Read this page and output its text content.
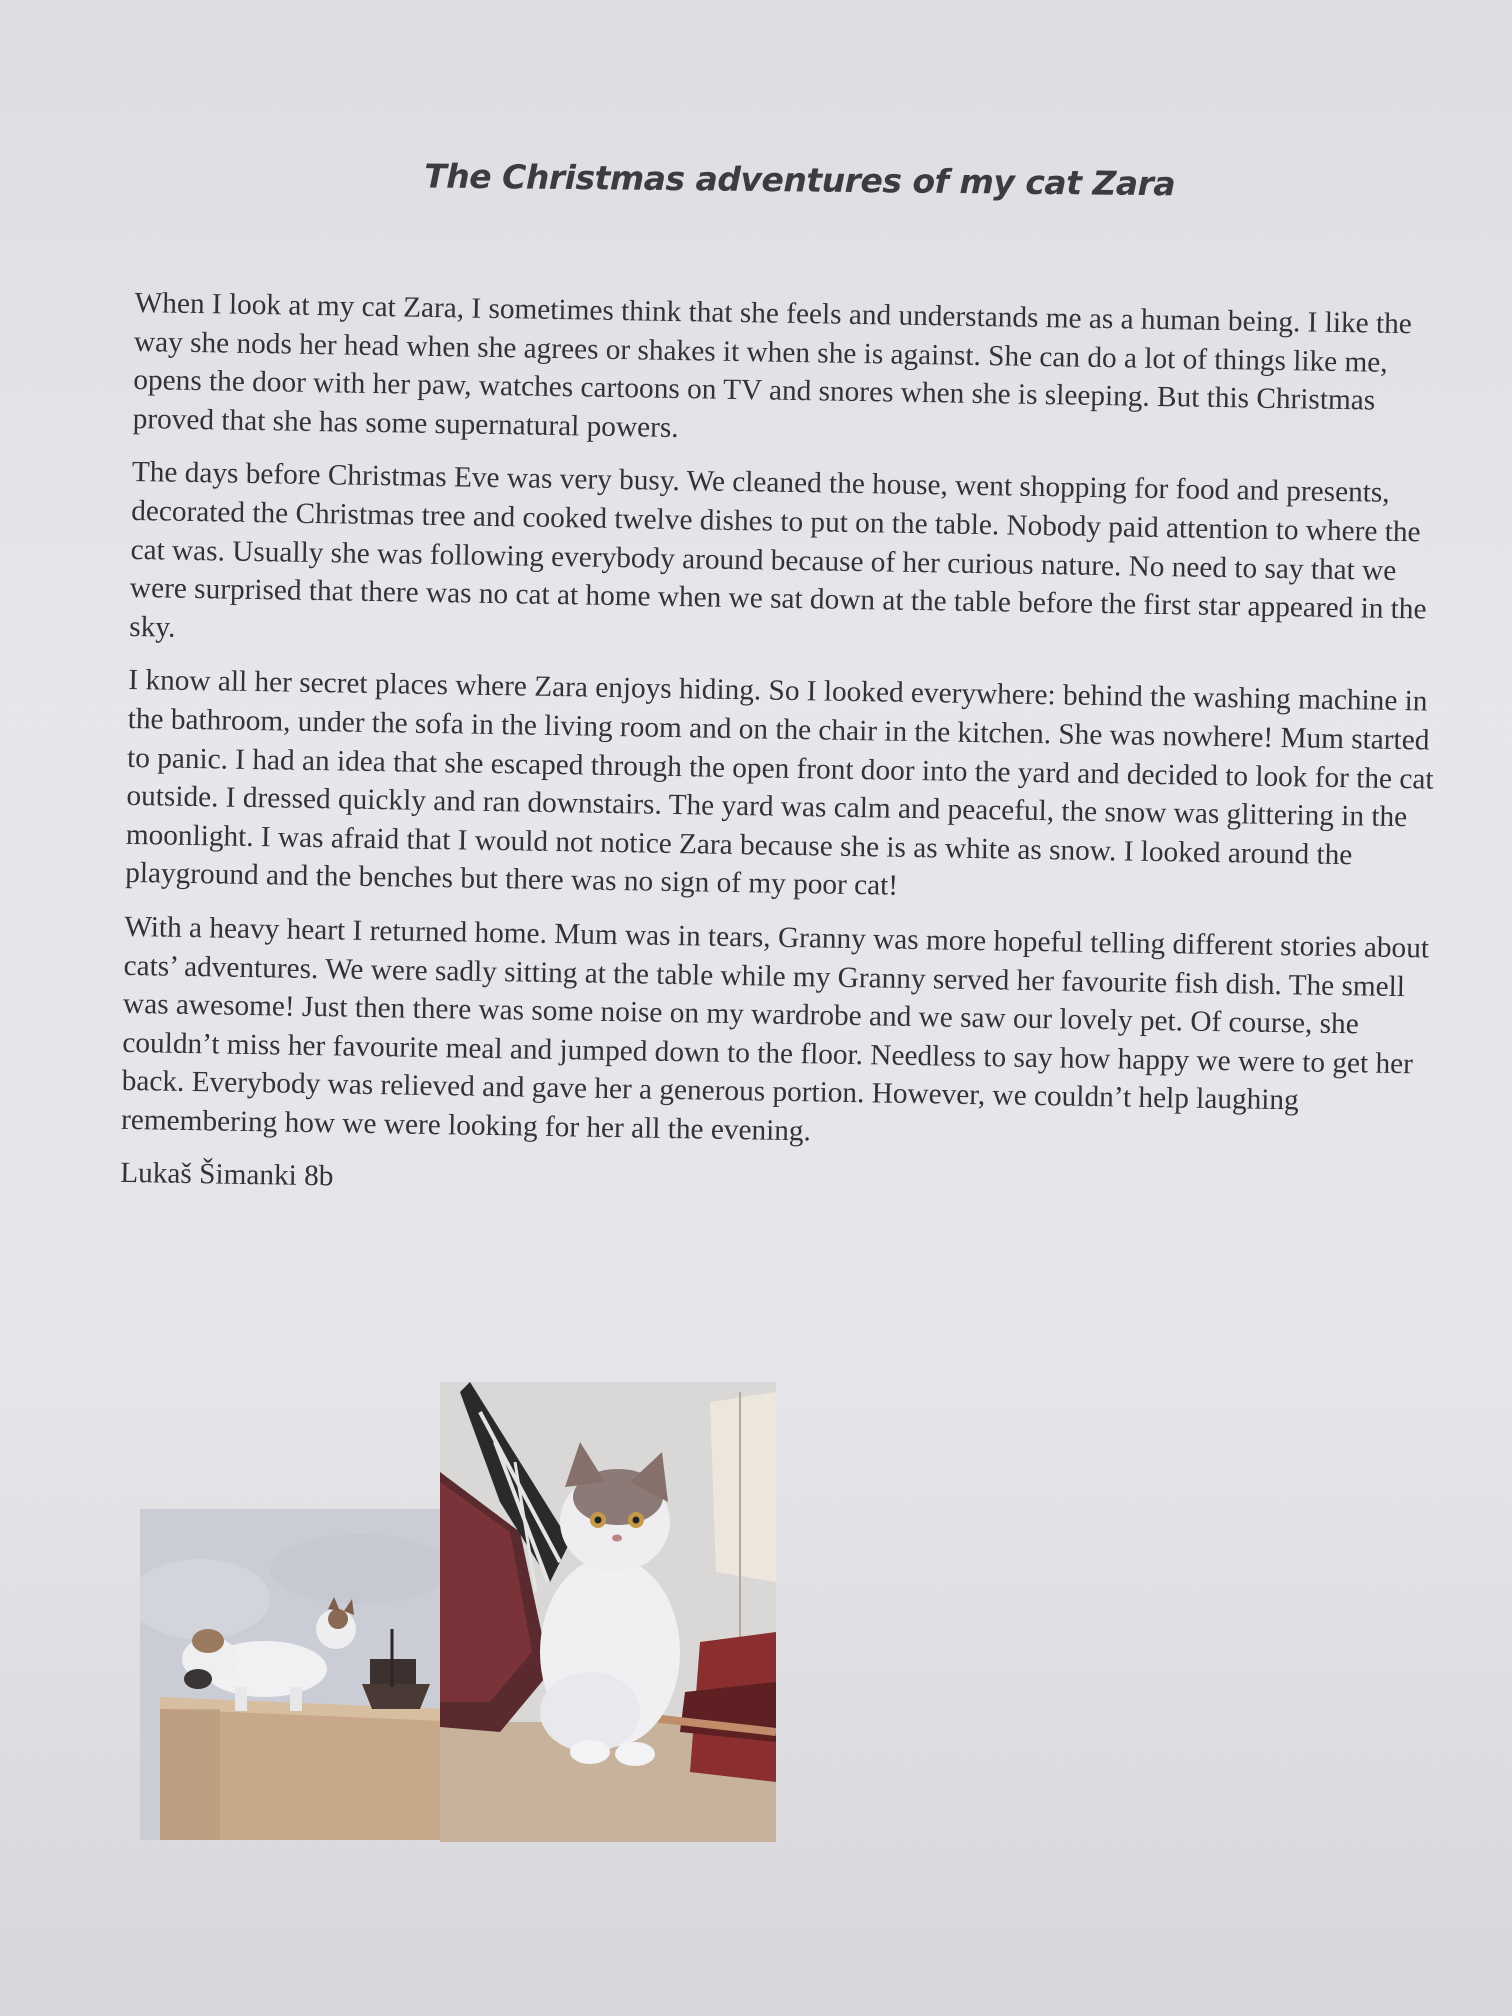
The Christmas adventures of my cat Zara

When I look at my cat Zara, I sometimes think that she feels and understands me as a human being. I like the way she nods her head when she agrees or shakes it when she is against. She can do a lot of things like me, opens the door with her paw, watches cartoons on TV and snores when she is sleeping. But this Christmas proved that she has some supernatural powers.

The days before Christmas Eve was very busy. We cleaned the house, went shopping for food and presents, decorated the Christmas tree and cooked twelve dishes to put on the table. Nobody paid attention to where the cat was. Usually she was following everybody around because of her curious nature. No need to say that we were surprised that there was no cat at home when we sat down at the table before the first star appeared in the sky.

I know all her secret places where Zara enjoys hiding. So I looked everywhere: behind the washing machine in the bathroom, under the sofa in the living room and on the chair in the kitchen. She was nowhere! Mum started to panic. I had an idea that she escaped through the open front door into the yard and decided to look for the cat outside. I dressed quickly and ran downstairs. The yard was calm and peaceful, the snow was glittering in the moonlight. I was afraid that I would not notice Zara because she is as white as snow. I looked around the playground and the benches but there was no sign of my poor cat!

With a heavy heart I returned home. Mum was in tears, Granny was more hopeful telling different stories about cats’ adventures. We were sadly sitting at the table while my Granny served her favourite fish dish. The smell was awesome! Just then there was some noise on my wardrobe and we saw our lovely pet. Of course, she couldn’t miss her favourite meal and jumped down to the floor. Needless to say how happy we were to get her back. Everybody was relieved and gave her a generous portion. However, we couldn’t help laughing remembering how we were looking for her all the evening.

Lukaš Šimanki 8b
